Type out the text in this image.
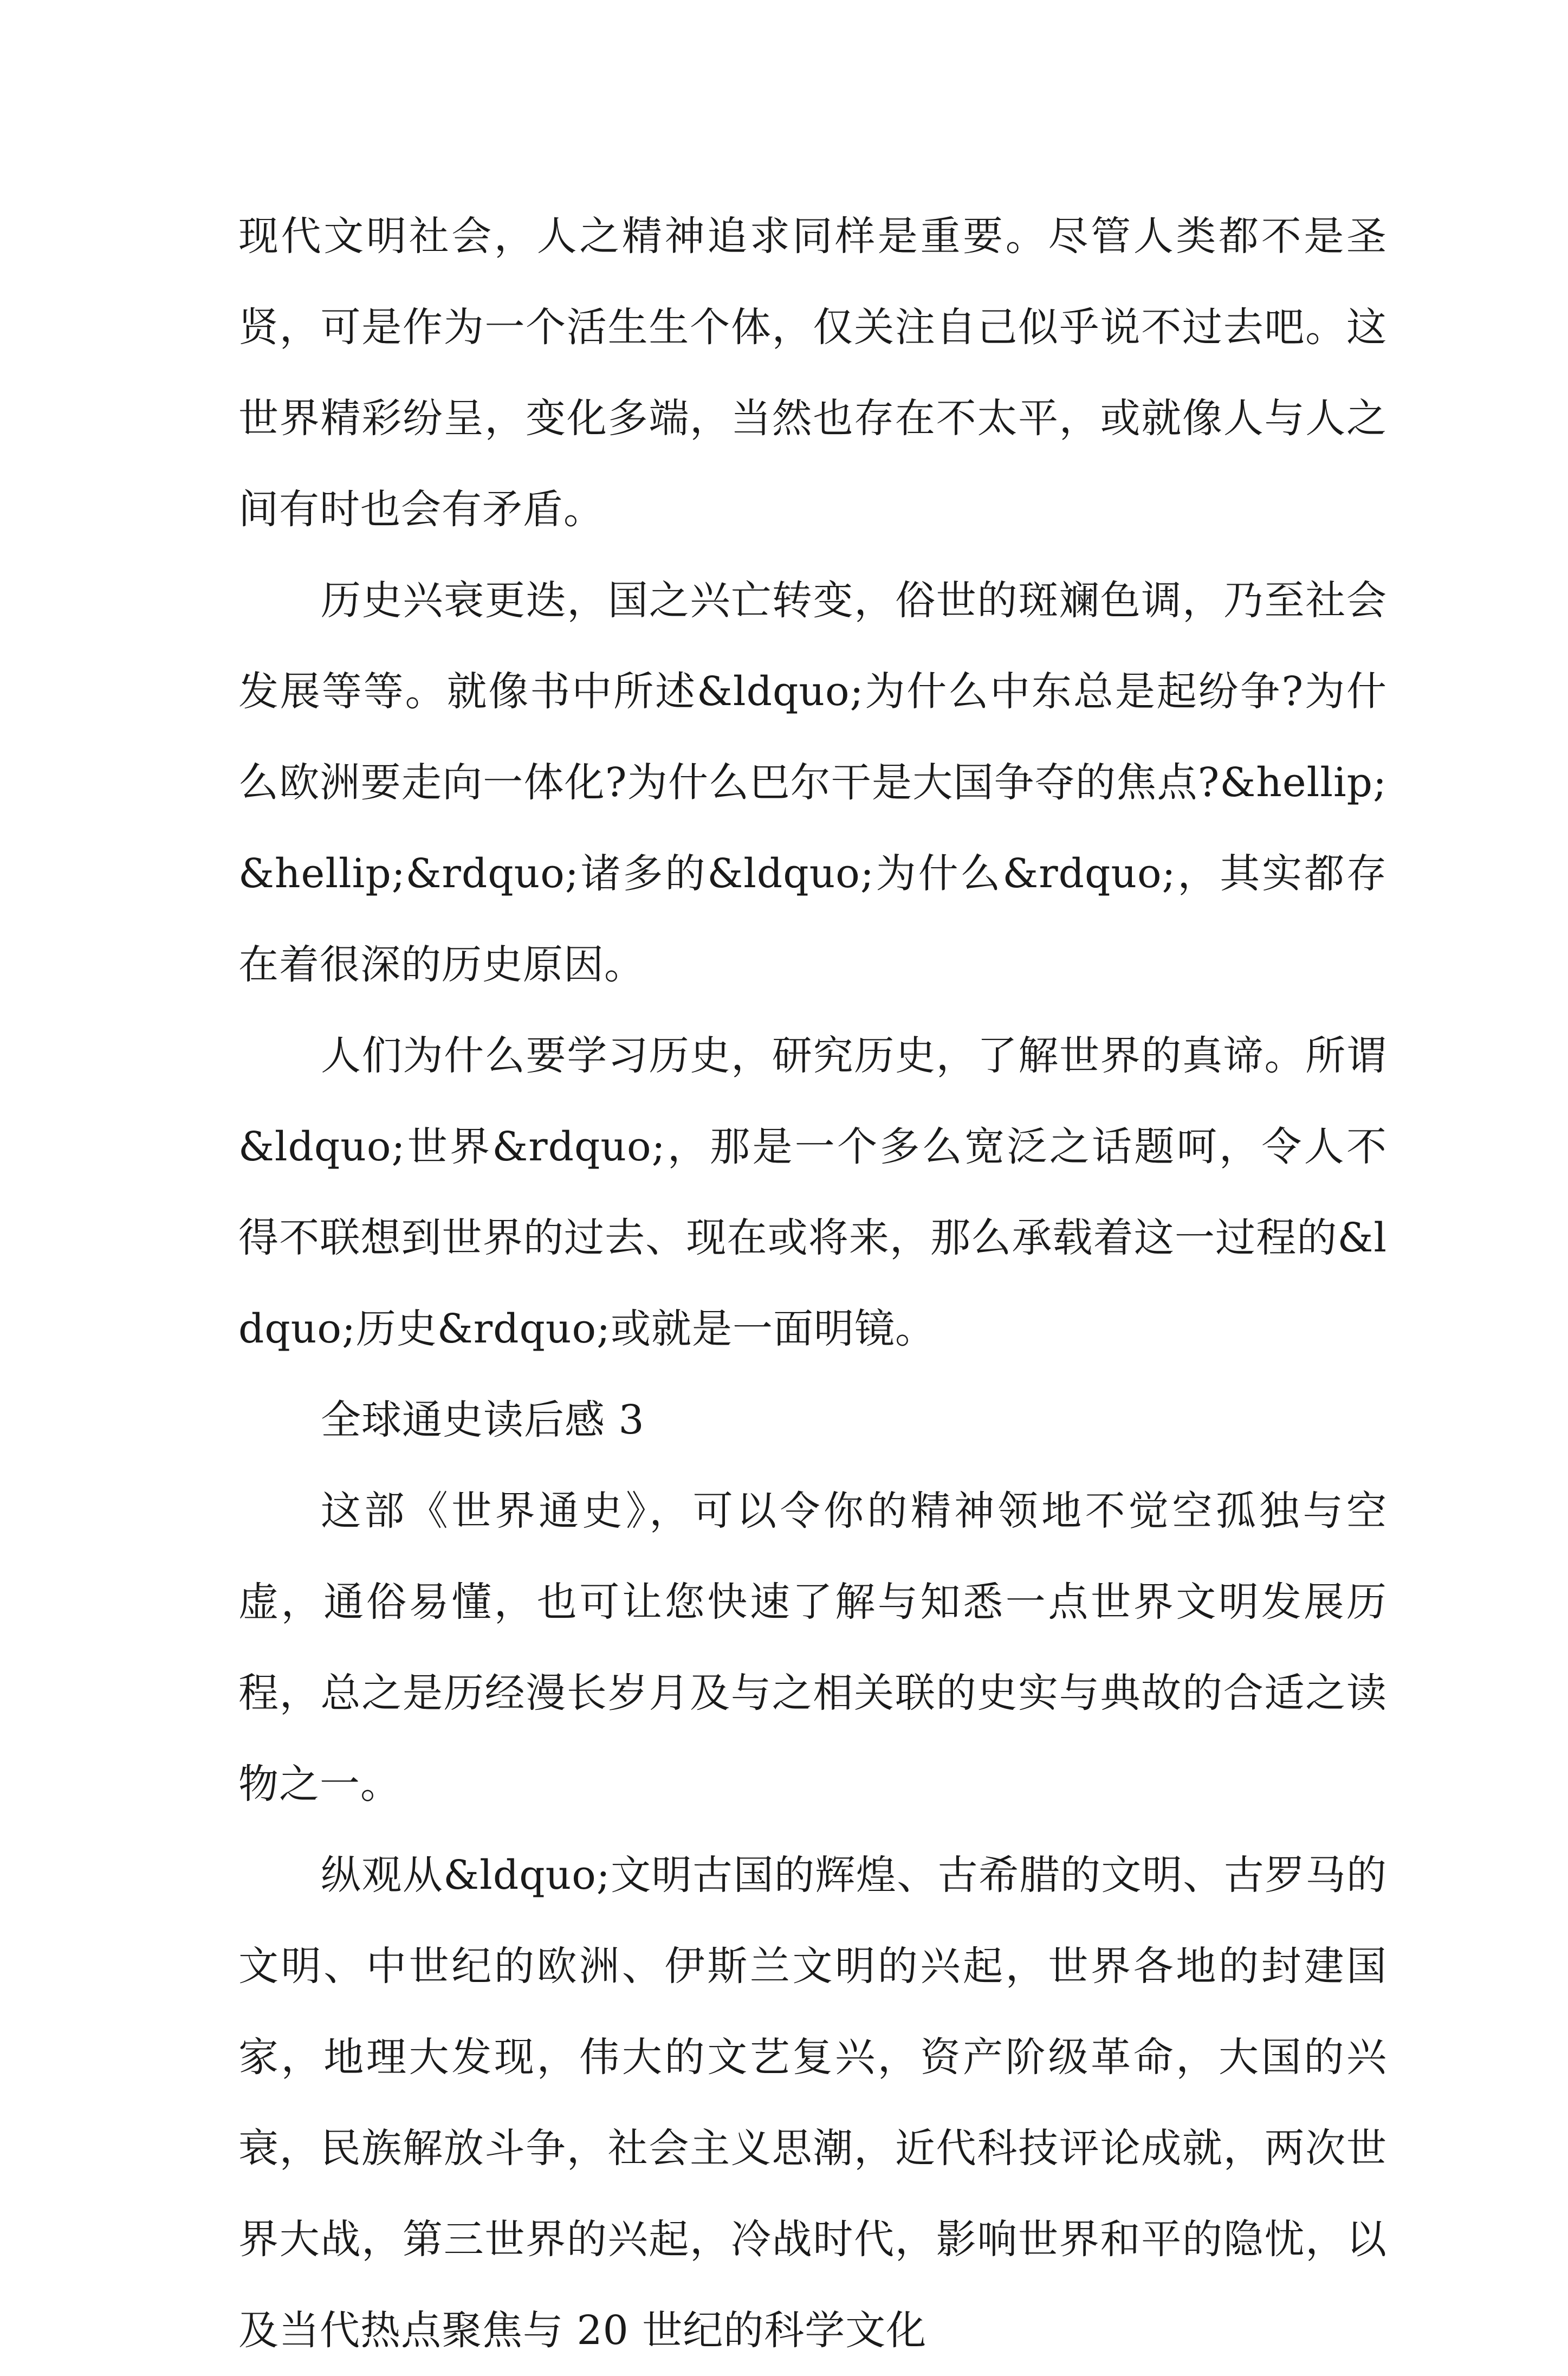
现代文明社会，人之精神追求同样是重要。尽管人类都不是圣贤，可是作为一个活生生个体，仅关注自己似乎说不过去吧。这世界精彩纷呈，变化多端，当然也存在不太平，或就像人与人之间有时也会有矛盾。

历史兴衰更迭，国之兴亡转变，俗世的斑斓色调，乃至社会发展等等。就像书中所述&ldquo;为什么中东总是起纷争?为什么欧洲要走向一体化?为什么巴尔干是大国争夺的焦点?&hellip;&hellip;&rdquo;诸多的&ldquo;为什么&rdquo;，其实都存在着很深的历史原因。

人们为什么要学习历史，研究历史，了解世界的真谛。所谓&ldquo;世界&rdquo;，那是一个多么宽泛之话题呵，令人不得不联想到世界的过去、现在或将来，那么承载着这一过程的&ldquo;历史&rdquo;或就是一面明镜。

全球通史读后感 3

这部《世界通史》，可以令你的精神领地不觉空孤独与空虚，通俗易懂，也可让您快速了解与知悉一点世界文明发展历程，总之是历经漫长岁月及与之相关联的史实与典故的合适之读物之一。

纵观从&ldquo;文明古国的辉煌、古希腊的文明、古罗马的文明、中世纪的欧洲、伊斯兰文明的兴起，世界各地的封建国家，地理大发现，伟大的文艺复兴，资产阶级革命，大国的兴衰，民族解放斗争，社会主义思潮，近代科技评论成就，两次世界大战，第三世界的兴起，冷战时代，影响世界和平的隐忧，以及当代热点聚焦与 20 世纪的科学文化
